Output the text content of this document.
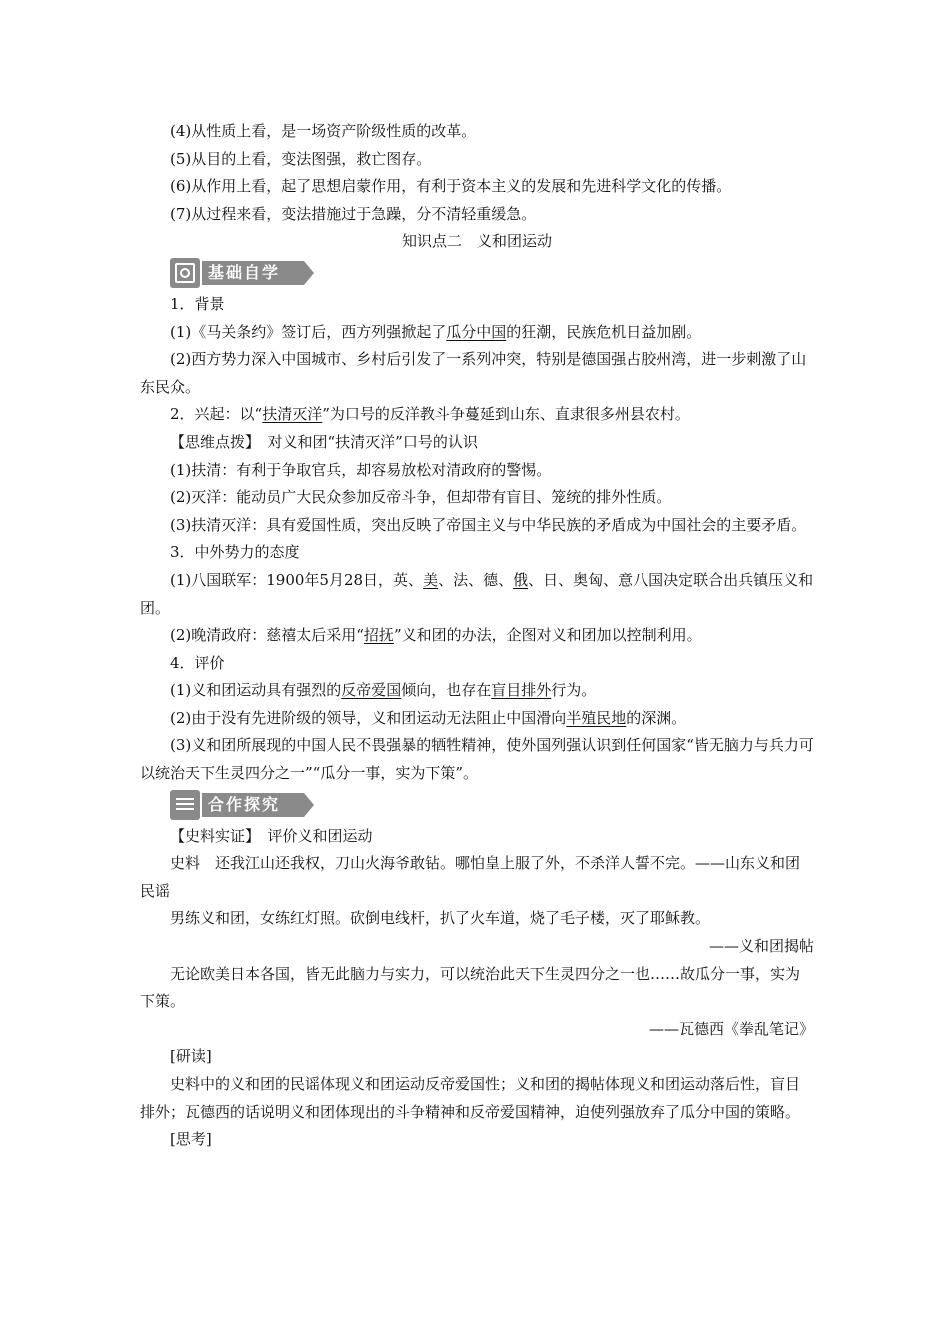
(4)从性质上看，是一场资产阶级性质的改革。

(5)从目的上看，变法图强，救亡图存。

(6)从作用上看，起了思想启蒙作用，有利于资本主义的发展和先进科学文化的传播。

(7)从过程来看，变法措施过于急躁，分不清轻重缓急。

知识点二　义和团运动

基础自学

1．背景

(1)《马关条约》签订后，西方列强掀起了瓜分中国的狂潮，民族危机日益加剧。

(2)西方势力深入中国城市、乡村后引发了一系列冲突，特别是德国强占胶州湾，进一步刺激了山东民众。

2．兴起：以“扶清灭洋”为口号的反洋教斗争蔓延到山东、直隶很多州县农村。

【思维点拨】　对义和团“扶清灭洋”口号的认识

(1)扶清：有利于争取官兵，却容易放松对清政府的警惕。

(2)灭洋：能动员广大民众参加反帝斗争，但却带有盲目、笼统的排外性质。

(3)扶清灭洋：具有爱国性质，突出反映了帝国主义与中华民族的矛盾成为中国社会的主要矛盾。

3．中外势力的态度

(1)八国联军：1900年5月28日，英、美、法、德、俄、日、奥匈、意八国决定联合出兵镇压义和团。

(2)晚清政府：慈禧太后采用“招抚”义和团的办法，企图对义和团加以控制利用。

4．评价

(1)义和团运动具有强烈的反帝爱国倾向，也存在盲目排外行为。

(2)由于没有先进阶级的领导，义和团运动无法阻止中国滑向半殖民地的深渊。

(3)义和团所展现的中国人民不畏强暴的牺牲精神，使外国列强认识到任何国家“皆无脑力与兵力可以统治天下生灵四分之一”“瓜分一事，实为下策”。

合作探究

【史料实证】　评价义和团运动

史料　还我江山还我权，刀山火海爷敢钻。哪怕皇上服了外，不杀洋人誓不完。——山东义和团民谣

男练义和团，女练红灯照。砍倒电线杆，扒了火车道，烧了毛子楼，灭了耶稣教。

——义和团揭帖

无论欧美日本各国，皆无此脑力与实力，可以统治此天下生灵四分之一也……故瓜分一事，实为下策。

——瓦德西《拳乱笔记》

[研读]

史料中的义和团的民谣体现义和团运动反帝爱国性；义和团的揭帖体现义和团运动落后性，盲目排外；瓦德西的话说明义和团体现出的斗争精神和反帝爱国精神，迫使列强放弃了瓜分中国的策略。

[思考]
